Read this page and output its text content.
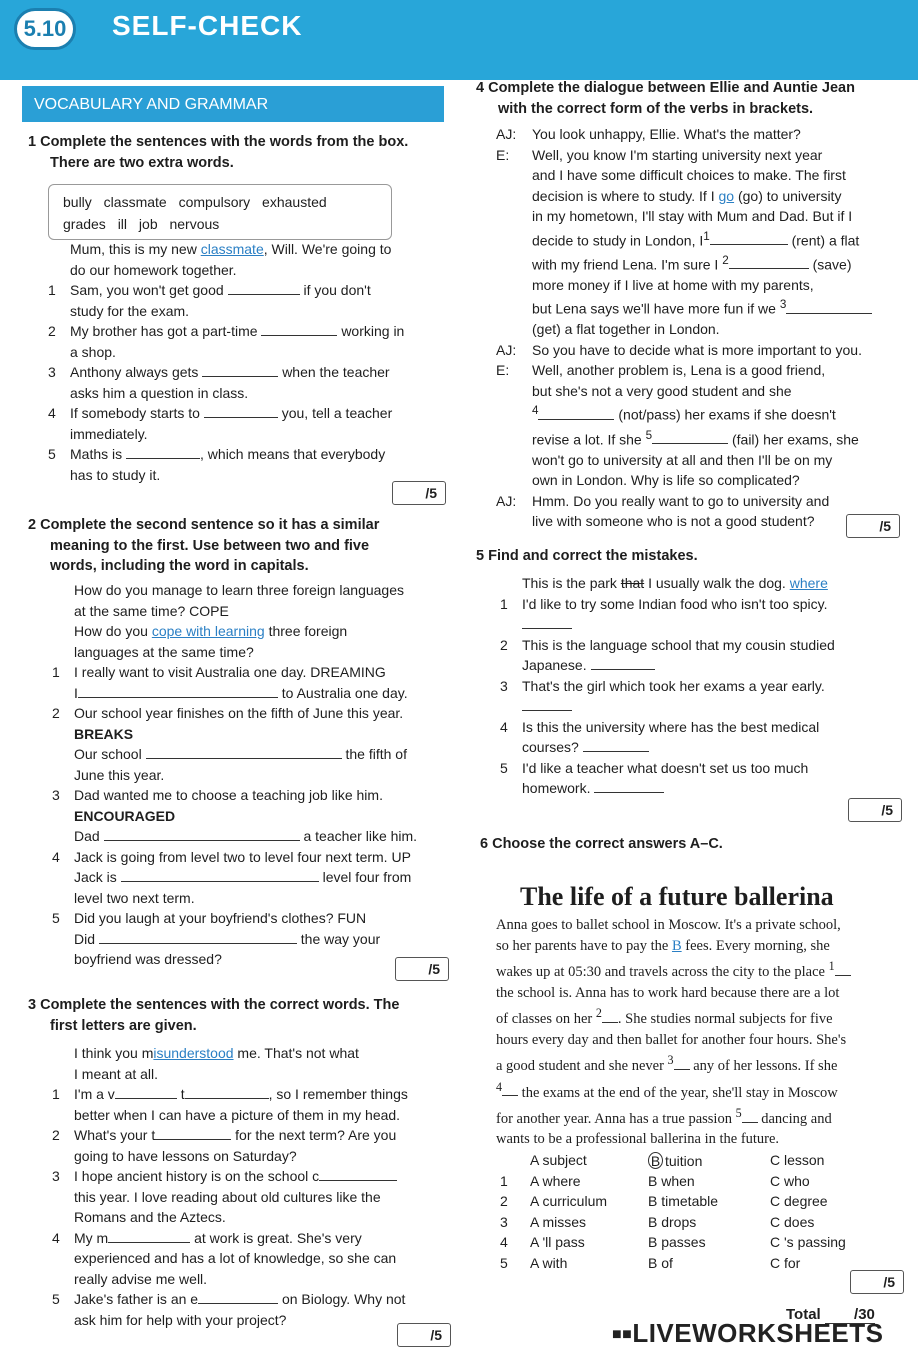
5.10	SELF-CHECK
VOCABULARY AND GRAMMAR
1 Complete the sentences with the words from the box.
There are two extra words.
bully classmate compulsory exhausted
grades ill job nervous
Mum, this is my new classmate, Will. We're going to
do our homework together.
1 Sam, you won't get good	if you don't
study for the exam.
2 My brother has got a part-time	working in
a shop.
3 Anthony always gets	when the teacher
asks him a question in class.
4 If somebody starts to	you, tell a teacher
immediately.
5 Maths is	, which means that everybody
has to study it.
/5
2 Complete the second sentence so it has a similar
meaning to the first. Use between two and five
words, including the word in capitals.
How do you manage to learn three foreign languages
at the same time? COPE
How do you cope with learning three foreign
languages at the same time?
1 I really want to visit Australia one day. DREAMING
I	to Australia one day.
2 Our school year finishes on the fifth of June this year.
BREAKS
Our school	the fifth of
June this year.
3 Dad wanted me to choose a teaching job like him.
ENCOURAGED
Dad	a teacher like him.
4 Jack is going from level two to level four next term. UP
Jack is	level four from
level two next term.
5 Did you laugh at your boyfriend's clothes? FUN
Did	the way your
boyfriend was dressed?
/5
3 Complete the sentences with the correct words. The
first letters are given.
I think you misunderstood me. That's not what
I meant at all.
1 I'm a v	t	, so I remember things
better when I can have a picture of them in my head.
2 What's your t	for the next term? Are you
going to have lessons on Saturday?
3 I hope ancient history is on the school c
this year. I love reading about old cultures like the
Romans and the Aztecs.
4 My m	at work is great. She's very
experienced and has a lot of knowledge, so she can
really advise me well.
5 Jake's father is an e	on Biology. Why not
ask him for help with your project?
/5
4 Complete the dialogue between Ellie and Auntie Jean
with the correct form of the verbs in brackets.
AJ: You look unhappy, Ellie. What's the matter?
E: Well, you know I'm starting university next year
and I have some difficult choices to make. The first
decision is where to study. If I go (go) to university
in my hometown, I'll stay with Mum and Dad. But if I
decide to study in London, $I^1$	(rent) a flat
with my friend Lena. I'm sure I $^2$	(save)
more money if I live at home with my parents,
but Lena says we'll have more fun if we $^3$
(get) a flat together in London.
AJ: So you have to decide what is more important to you.
E: Well, another problem is, Lena is a good friend,
but she's not a very good student and she
$^4$	(not/pass) her exams if she doesn't
revise a lot. If she $^5$	(fail) her exams, she
won't go to university at all and then I'll be on my
own in London. Why is life so complicated?
AJ: Hmm. Do you really want to go to university and
live with someone who is not a good student?	/5
5 Find and correct the mistakes.
This is the park that I usually walk the dog. where
1 I'd like to try some Indian food who isn't too spicy.
2 This is the language school that my cousin studied
Japanese.
3 That's the girl which took her exams a year early.
4 Is this the university where has the best medical
courses?
5 I'd like a teacher what doesn't set us too much
homework.
/5
6 Choose the correct answers A–C.
The life of a future ballerina
Anna goes to ballet school in Moscow. It's a private school,
so her parents have to pay the B fees. Every morning, she
wakes up at 05:30 and travels across the city to the place $^1$
the school is. Anna has to work hard because there are a lot
of classes on her $^2$ . She studies normal subjects for five
hours every day and then ballet for another four hours. She's
a good student and she never $^3$ any of her lessons. If she
$^4$ the exams at the end of the year, she'll stay in Moscow
for another year. Anna has a true passion $^5$ dancing and
wants to be a professional ballerina in the future.
	A subject	B tuition	C lesson
1	A where	B when	C who
2	A curriculum	B timetable	C degree
3	A misses	B drops	C does
4	A 'll pass	B passes	C 's passing
5	A with	B of	C for
/5
Total /30
■■LIVEWORKSHEETS
